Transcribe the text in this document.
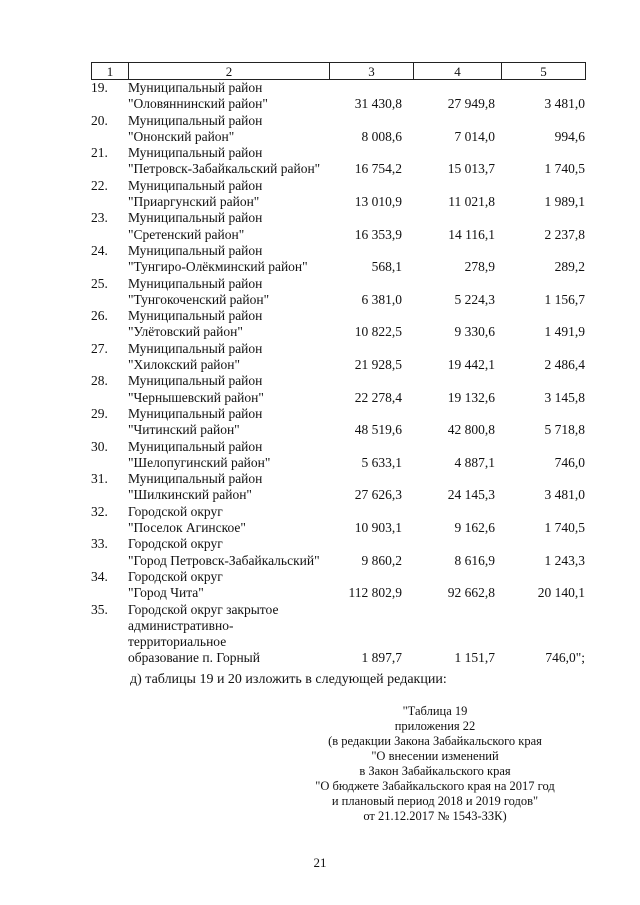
1	2	3	4	5
19.	Муниципальный район
"Оловяннинский район"	31 430,8	27 949,8	3 481,0
20.	Муниципальный район
"Ононский район"	8 008,6	7 014,0	994,6
21.	Муниципальный район
"Петровск-Забайкальский район"	16 754,2	15 013,7	1 740,5
22.	Муниципальный район
"Приаргунский район"	13 010,9	11 021,8	1 989,1
23.	Муниципальный район
"Сретенский район"	16 353,9	14 116,1	2 237,8
24.	Муниципальный район
"Тунгиро-Олёкминский район"	568,1	278,9	289,2
25.	Муниципальный район
"Тунгокоченский район"	6 381,0	5 224,3	1 156,7
26.	Муниципальный район
"Улётовский район"	10 822,5	9 330,6	1 491,9
27.	Муниципальный район
"Хилокский район"	21 928,5	19 442,1	2 486,4
28.	Муниципальный район
"Чернышевский район"	22 278,4	19 132,6	3 145,8
29.	Муниципальный район
"Читинский район"	48 519,6	42 800,8	5 718,8
30.	Муниципальный район
"Шелопугинский район"	5 633,1	4 887,1	746,0
31.	Муниципальный район
"Шилкинский район"	27 626,3	24 145,3	3 481,0
32.	Городской округ
"Поселок Агинское"	10 903,1	9 162,6	1 740,5
33.	Городской округ
"Город Петровск-Забайкальский"	9 860,2	8 616,9	1 243,3
34.	Городской округ
"Город Чита"	112 802,9	92 662,8	20 140,1
35.	Городской округ закрытое
административно-
территориальное
образование п. Горный	1 897,7	1 151,7	746,0";
д) таблицы 19 и 20 изложить в следующей редакции:
"Таблица 19
приложения 22
(в редакции Закона Забайкальского края
"О внесении изменений
в Закон Забайкальского края
"О бюджете Забайкальского края на 2017 год
и плановый период 2018 и 2019 годов"
от 21.12.2017 № 1543-ЗЗК)
21
